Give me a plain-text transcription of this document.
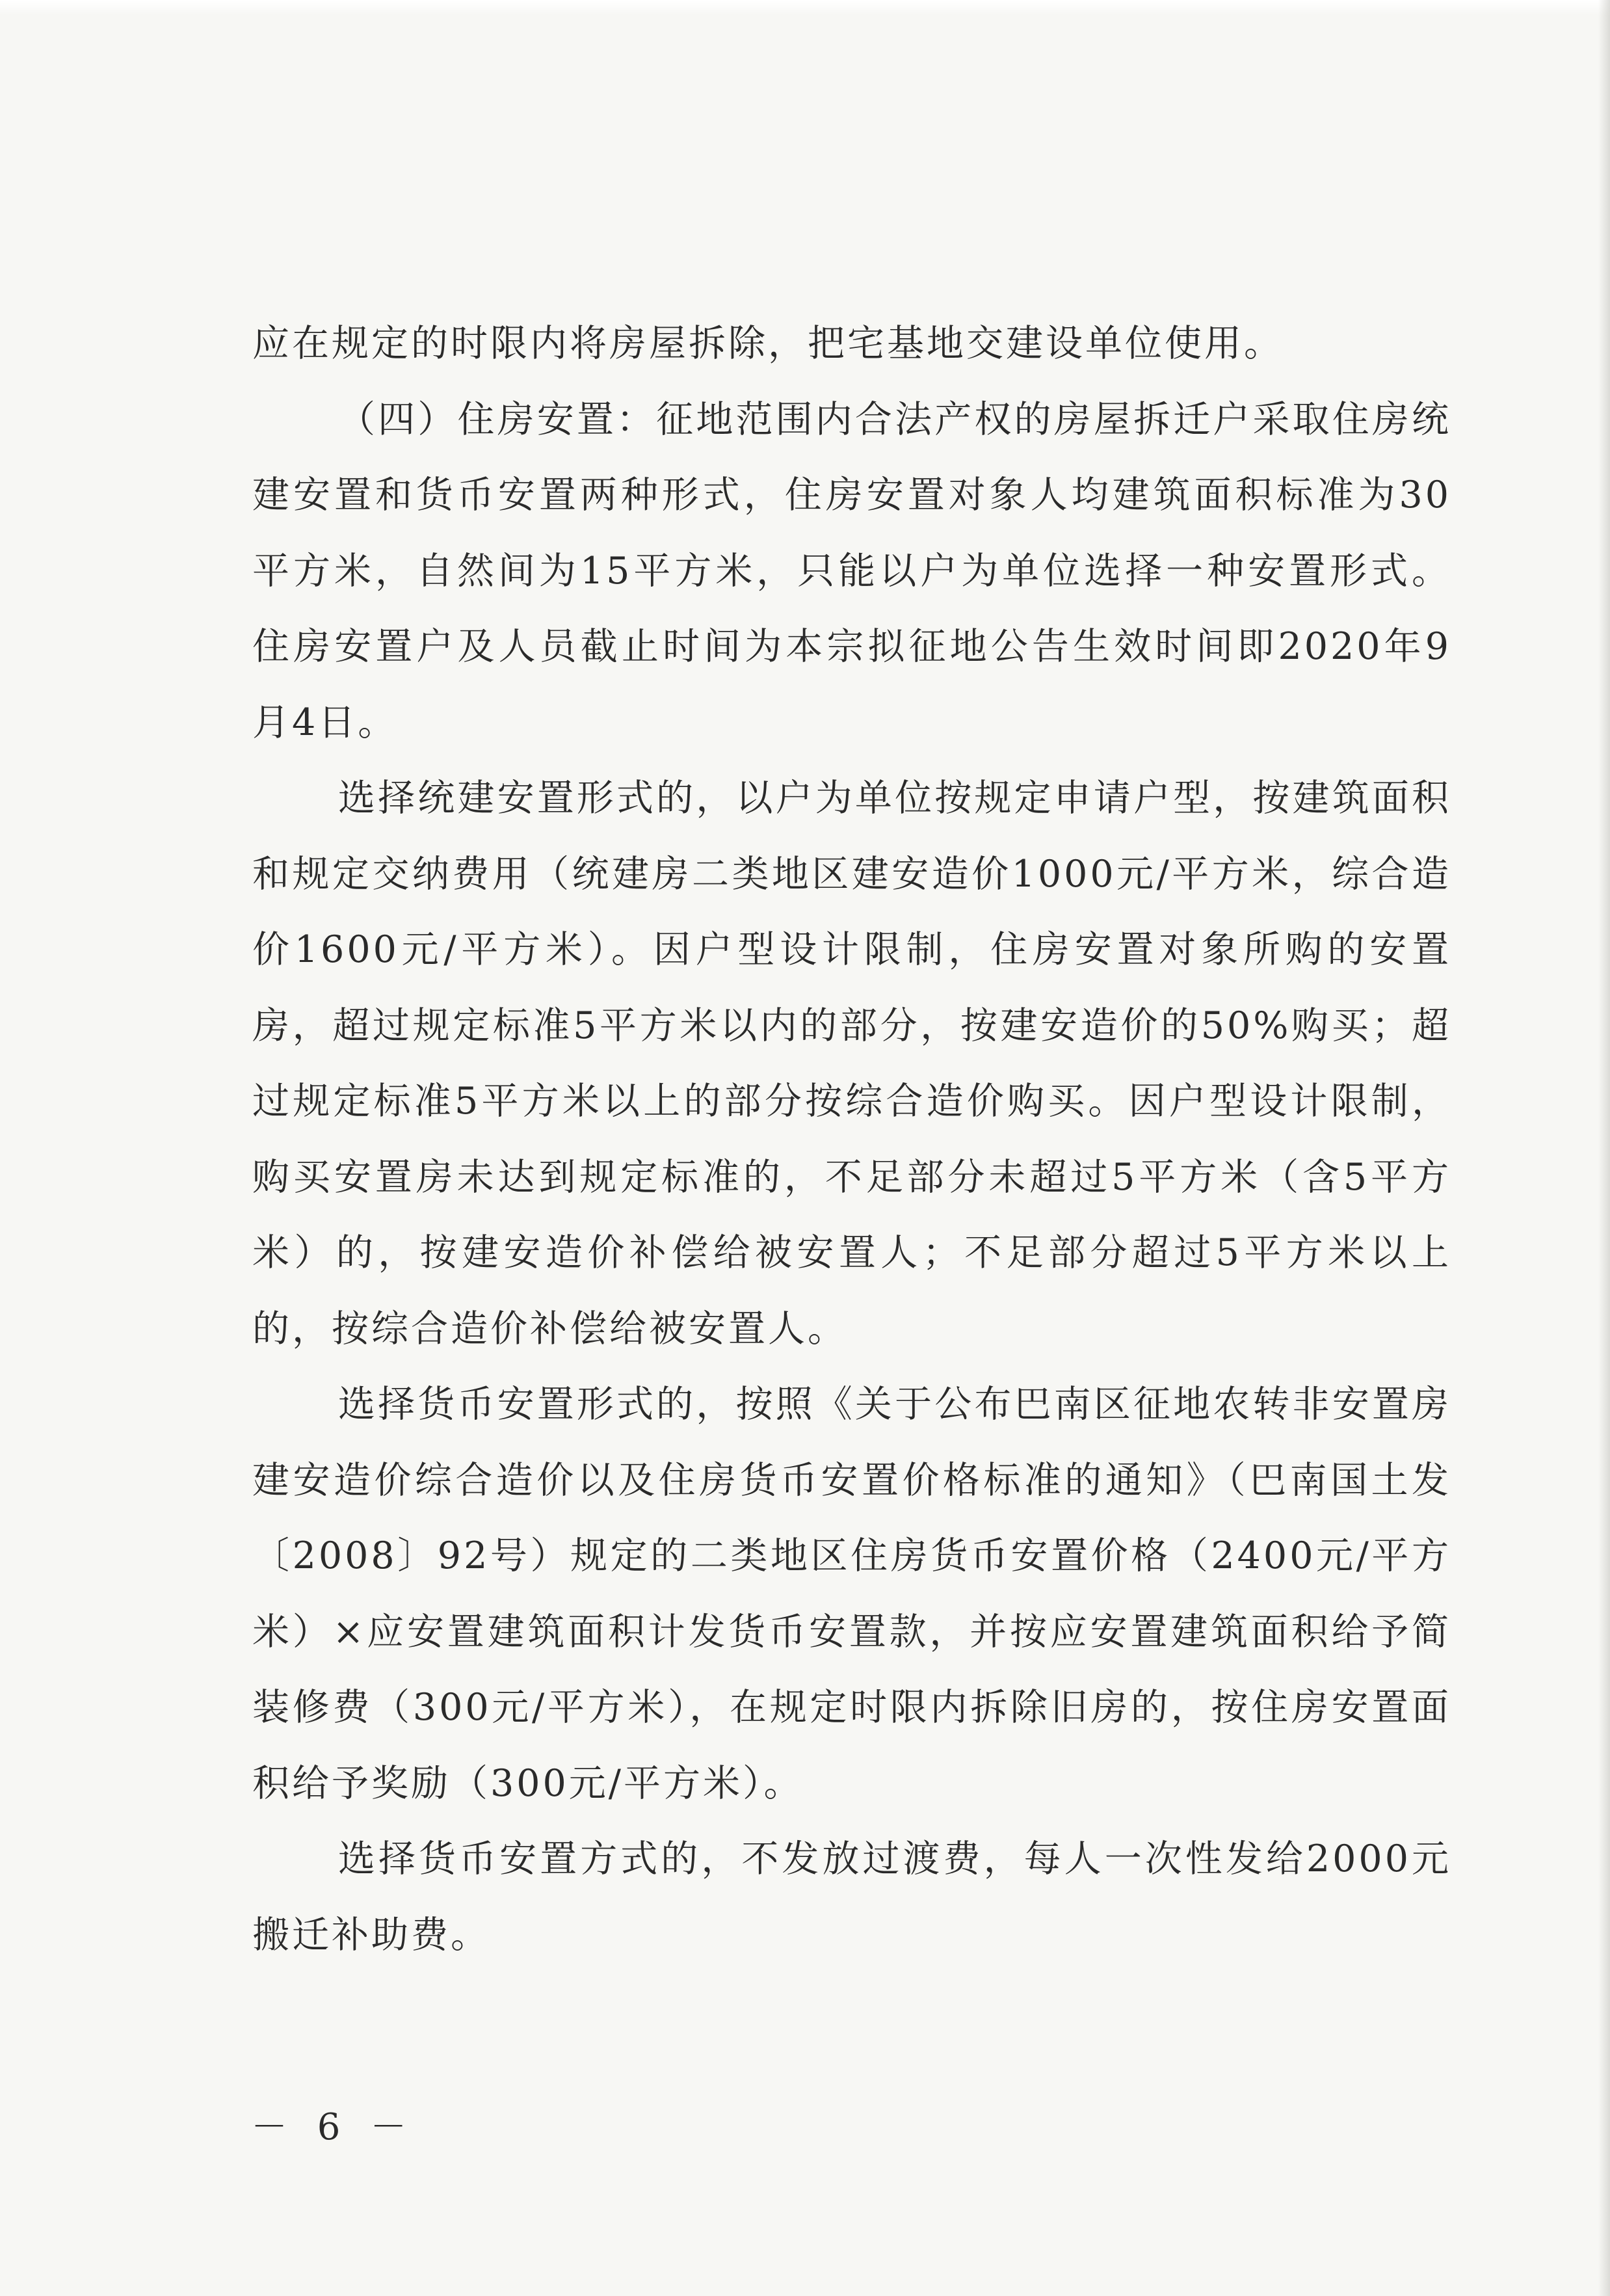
应在规定的时限内将房屋拆除，把宅基地交建设单位使用。

（四）住房安置：征地范围内合法产权的房屋拆迁户采取住房统建安置和货币安置两种形式，住房安置对象人均建筑面积标准为30平方米，自然间为15平方米，只能以户为单位选择一种安置形式。住房安置户及人员截止时间为本宗拟征地公告生效时间即2020年9月4日。

选择统建安置形式的，以户为单位按规定申请户型，按建筑面积和规定交纳费用（统建房二类地区建安造价1000元/平方米，综合造价1600元/平方米）。因户型设计限制，住房安置对象所购的安置房，超过规定标准5平方米以内的部分，按建安造价的50%购买；超过规定标准5平方米以上的部分按综合造价购买。因户型设计限制，购买安置房未达到规定标准的，不足部分未超过5平方米（含5平方米）的，按建安造价补偿给被安置人；不足部分超过5平方米以上的，按综合造价补偿给被安置人。

选择货币安置形式的，按照《关于公布巴南区征地农转非安置房建安造价综合造价以及住房货币安置价格标准的通知》（巴南国土发〔2008〕92号）规定的二类地区住房货币安置价格（2400元/平方米）×应安置建筑面积计发货币安置款，并按应安置建筑面积给予简装修费（300元/平方米），在规定时限内拆除旧房的，按住房安置面积给予奖励（300元/平方米）。

选择货币安置方式的，不发放过渡费，每人一次性发给2000元搬迁补助费。

－ 6 －
